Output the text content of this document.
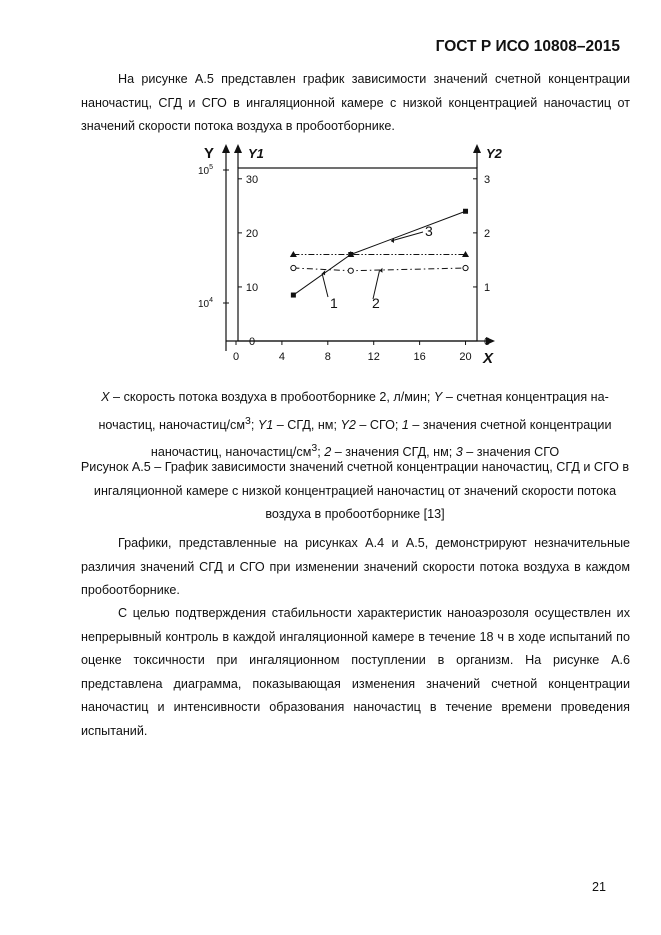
ГОСТ Р ИСО 10808–2015

На рисунке А.5 представлен график зависимости значений счетной концентрации наночастиц, СГД и СГО в ингаляционной камере с низкой концентрацией наночастиц от значений скорости потока воздуха в пробоотборнике.

Y	Y1	Y2
X
0	4	8	12	16	20
0
10
20
30
0
1
2
3
$10^5$
$10^4$	1 2
3

X – скорость потока воздуха в пробоотборнике 2, л/мин; Y – счетная концентрация на-
ночастиц, наночастиц/$см^3$; Y1 – СГД, нм; Y2 – СГО; 1 – значения счетной концентрации
наночастиц, наночастиц/$см^3$; 2 – значения СГД, нм; 3 – значения СГО

Рисунок А.5 – График зависимости значений счетной концентрации наночастиц, СГД и СГО в ингаляционной камере с низкой концентрацией наночастиц от значений скорости потока воздуха в пробоотборнике [13]

Графики, представленные на рисунках А.4 и А.5, демонстрируют незначительные различия значений СГД и СГО при изменении значений скорости потока воздуха в каждом пробоотборнике.

С целью подтверждения стабильности характеристик наноаэрозоля осуществлен их непрерывный контроль в каждой ингаляционной камере в течение 18 ч в ходе испытаний по оценке токсичности при ингаляционном поступлении в организм. На рисунке А.6 представлена диаграмма, показывающая изменения значений счетной концентрации наночастиц и интенсивности образования наночастиц в течение времени проведения испытаний.

21
